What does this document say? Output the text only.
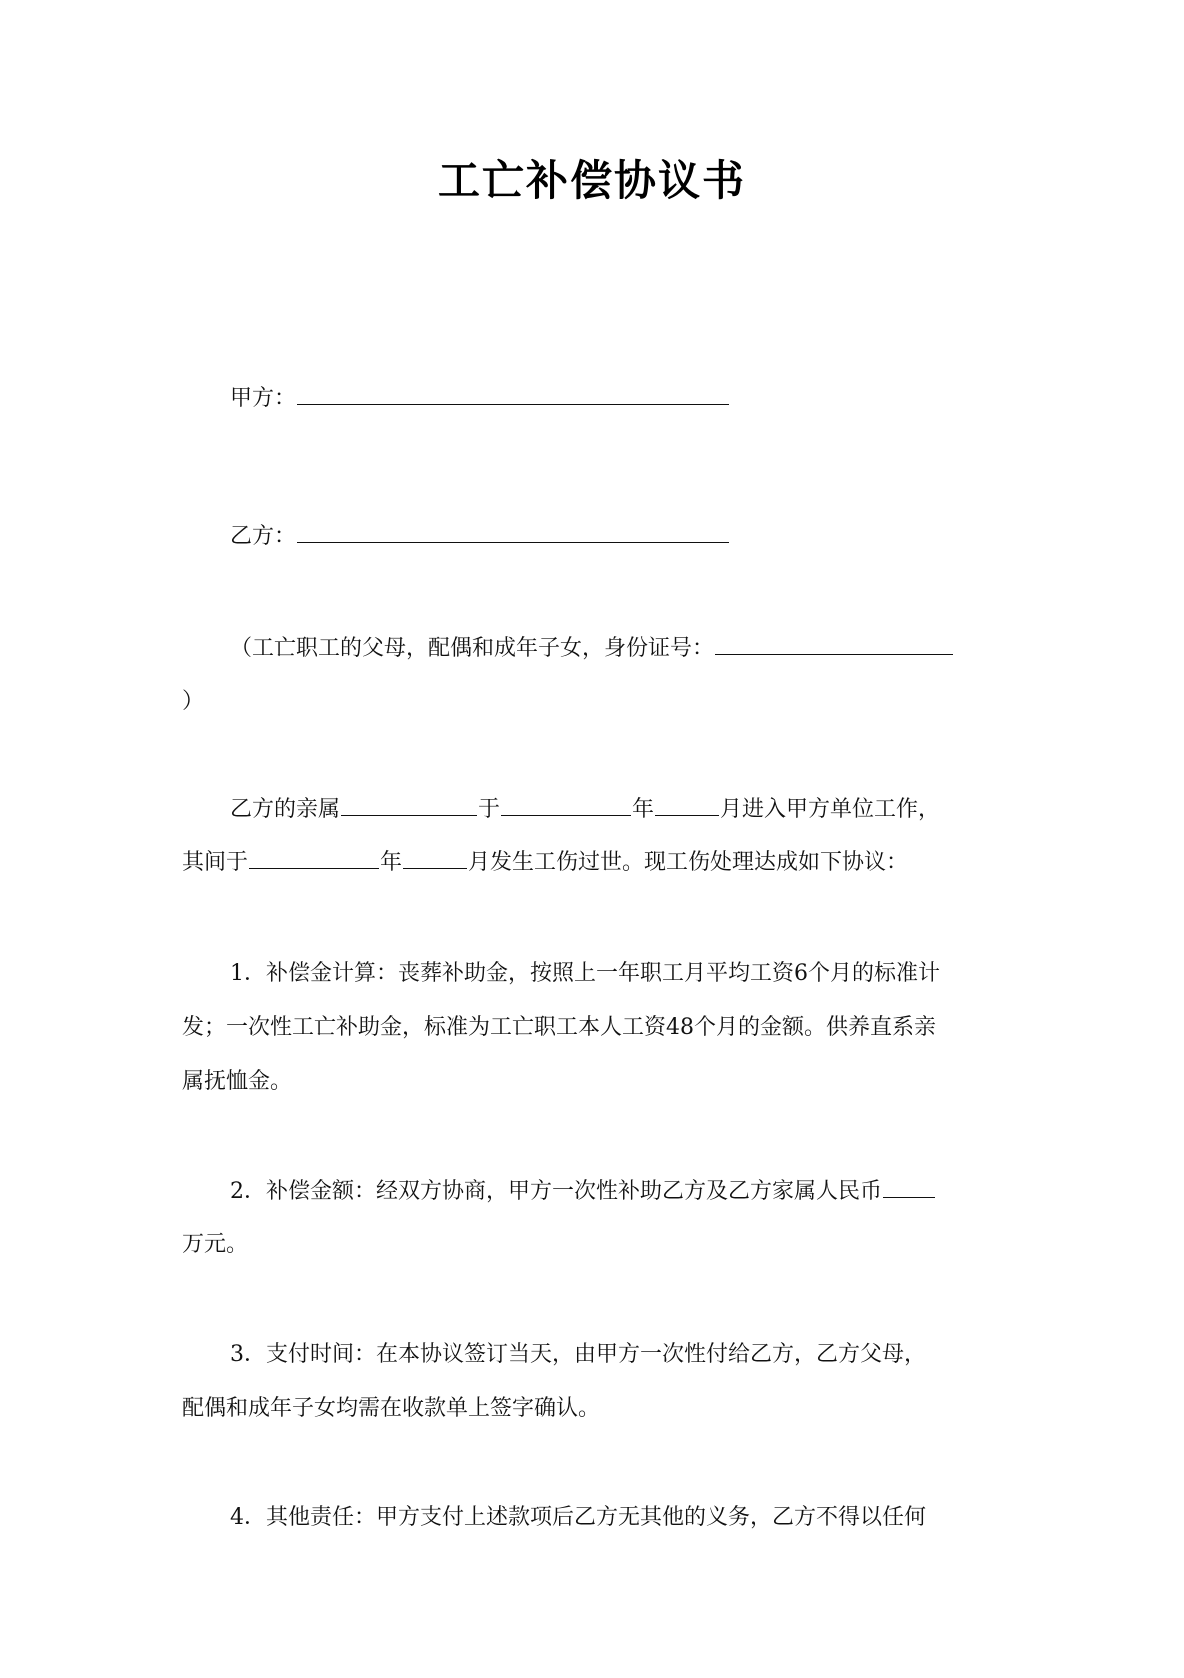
工亡补偿协议书
甲方：
乙方：
（工亡职工的父母，配偶和成年子女，身份证号：
）
乙方的亲属	于	年	月进入甲方单位工作，
其间于	年	月发生工伤过世。现工伤处理达成如下协议：
1．补偿金计算：丧葬补助金，按照上一年职工月平均工资6个月的标准计
发；一次性工亡补助金，标准为工亡职工本人工资48个月的金额。供养直系亲
属抚恤金。
2．补偿金额：经双方协商，甲方一次性补助乙方及乙方家属人民币
万元。
3．支付时间：在本协议签订当天，由甲方一次性付给乙方，乙方父母，
配偶和成年子女均需在收款单上签字确认。
4．其他责任：甲方支付上述款项后乙方无其他的义务，乙方不得以任何
